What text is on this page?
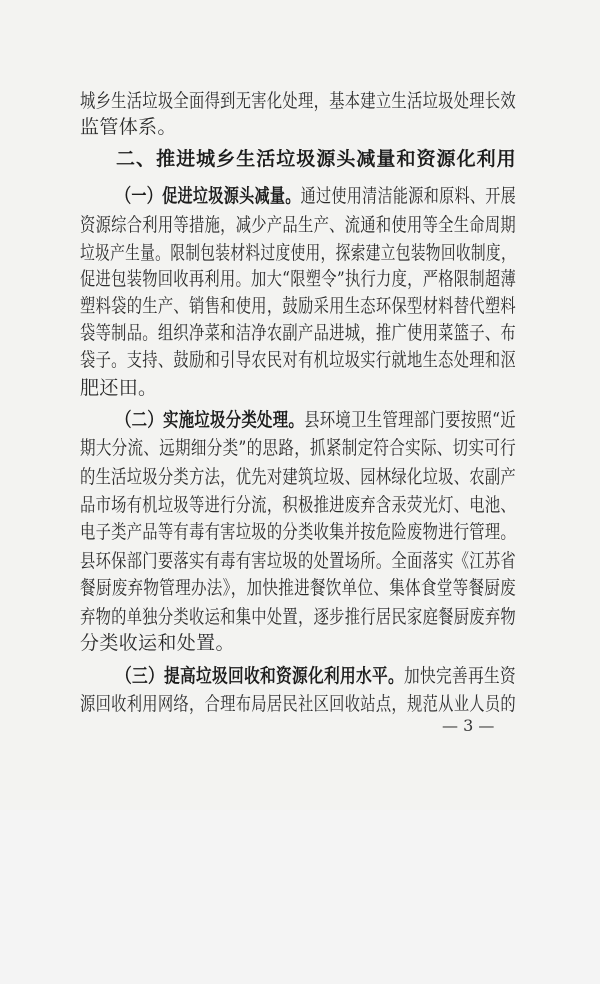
城乡生活垃圾全面得到无害化处理，基本建立生活垃圾处理长效
监管体系。
二、推进城乡生活垃圾源头减量和资源化利用
（一）促进垃圾源头减量。通过使用清洁能源和原料、开展
资源综合利用等措施，减少产品生产、流通和使用等全生命周期
垃圾产生量。限制包装材料过度使用，探索建立包装物回收制度，
促进包装物回收再利用。加大“限塑令”执行力度，严格限制超薄
塑料袋的生产、销售和使用，鼓励采用生态环保型材料替代塑料
袋等制品。组织净菜和洁净农副产品进城，推广使用菜篮子、布
袋子。支持、鼓励和引导农民对有机垃圾实行就地生态处理和沤
肥还田。
（二）实施垃圾分类处理。县环境卫生管理部门要按照“近
期大分流、远期细分类”的思路，抓紧制定符合实际、切实可行
的生活垃圾分类方法，优先对建筑垃圾、园林绿化垃圾、农副产
品市场有机垃圾等进行分流，积极推进废弃含汞荧光灯、电池、
电子类产品等有毒有害垃圾的分类收集并按危险废物进行管理。
县环保部门要落实有毒有害垃圾的处置场所。全面落实《江苏省
餐厨废弃物管理办法》，加快推进餐饮单位、集体食堂等餐厨废
弃物的单独分类收运和集中处置，逐步推行居民家庭餐厨废弃物
分类收运和处置。
（三）提高垃圾回收和资源化利用水平。加快完善再生资
源回收利用网络，合理布局居民社区回收站点，规范从业人员的
— 3 —
